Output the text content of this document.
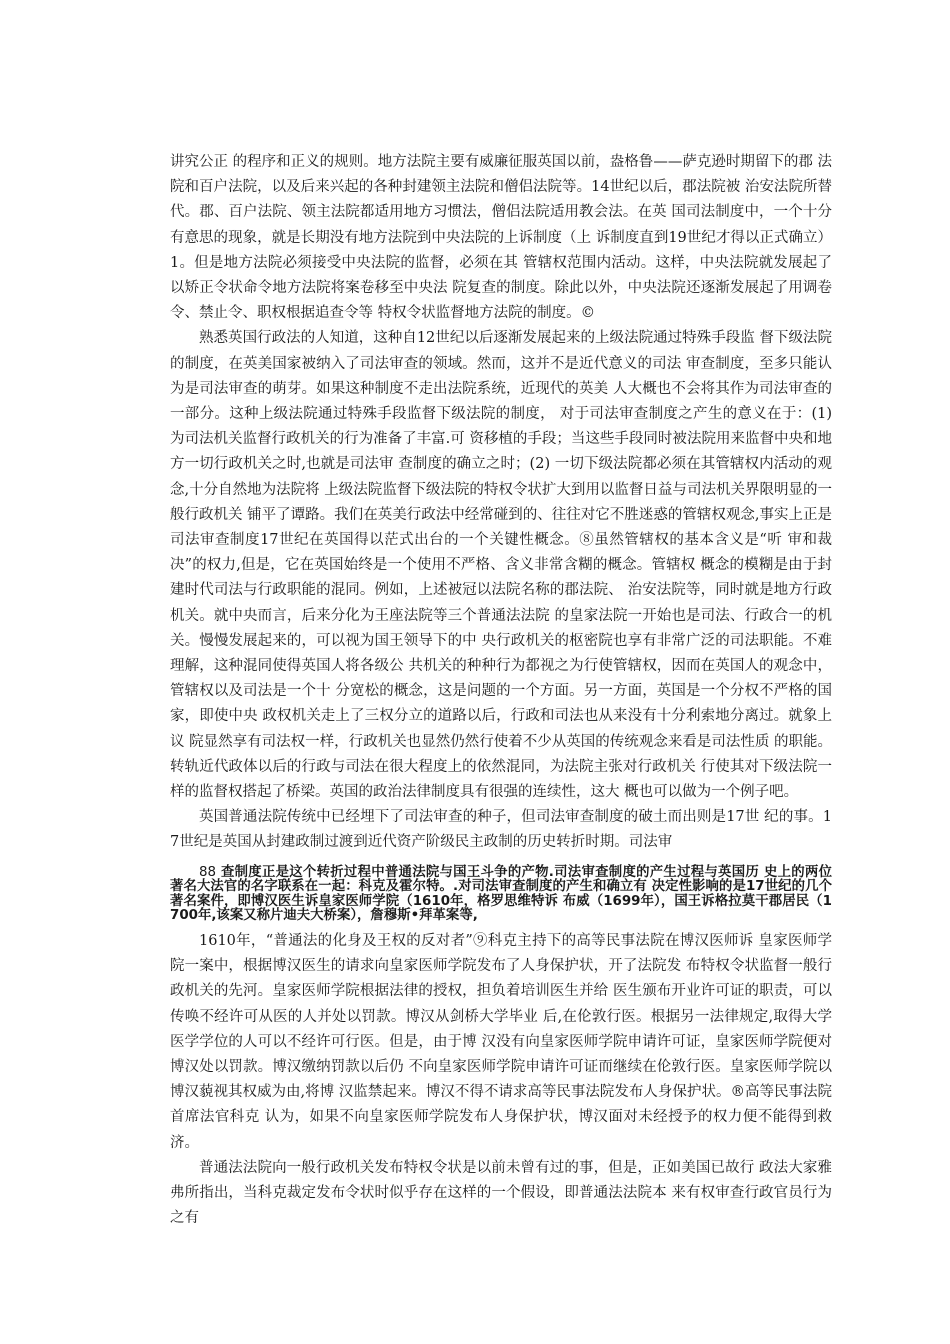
讲究公正 的程序和正义的规则。地方法院主要有威廉征服英国以前，盎格鲁——萨克逊时期留下的郡 法院和百户法院，以及后来兴起的各种封建领主法院和僧侣法院等。14世纪以后，郡法院被 治安法院所替代。郡、百户法院、领主法院都适用地方习惯法，僧侣法院适用教会法。在英 国司法制度中，一个十分有意思的现象，就是长期没有地方法院到中央法院的上诉制度（上 诉制度直到19世纪才得以正式确立）1。但是地方法院必须接受中央法院的监督，必须在其 管辖权范围内活动。这样，中央法院就发展起了以矫正令状命令地方法院将案卷移至中央法 院复查的制度。除此以外，中央法院还逐渐发展起了用调卷令、禁止令、职权根据追查令等 特权令状监督地方法院的制度。©

熟悉英国行政法的人知道，这种自12世纪以后逐渐发展起来的上级法院通过特殊手段监 督下级法院的制度，在英美国家被纳入了司法审查的领域。然而，这并不是近代意义的司法 审查制度，至多只能认为是司法审查的萌芽。如果这种制度不走出法院系统，近现代的英美 人大概也不会将其作为司法审查的一部分。这种上级法院通过特殊手段监督下级法院的制度， 对于司法审查制度之产生的意义在于：(1)为司法机关监督行政机关的行为准备了丰富.可 资移植的手段；当这些手段同时被法院用来监督中央和地方一切行政机关之时,也就是司法审 查制度的确立之时；(2) 一切下级法院都必须在其管辖权内活动的观念,十分自然地为法院将 上级法院监督下级法院的特权令状扩大到用以监督日益与司法机关界限明显的一般行政机关 铺平了谭路。我们在英美行政法中经常碰到的、往往对它不胜迷惑的管辖权观念,事实上正是 司法审查制度17世纪在英国得以茫式出台的一个关键性概念。⑧虽然管辖权的基本含义是“听 审和裁决”的权力,但是，它在英国始终是一个使用不严格、含义非常含糊的概念。管辖权 概念的模糊是由于封建时代司法与行政职能的混同。例如，上述被冠以法院名称的郡法院、 治安法院等，同时就是地方行政机关。就中央而言，后来分化为王座法院等三个普通法法院 的皇家法院一开始也是司法、行政合一的机关。慢慢发展起来的，可以视为国王领导下的中 央行政机关的枢密院也享有非常广泛的司法职能。不难理解，这种混同使得英国人将各级公 共机关的种种行为都视之为行使管辖权，因而在英国人的观念中，管辖权以及司法是一个十 分宽松的概念，这是问题的一个方面。另一方面，英国是一个分权不严格的国家，即使中央 政权机关走上了三权分立的道路以后，行政和司法也从来没有十分利索地分离过。就象上议 院显然享有司法权一样，行政机关也显然仍然行使着不少从英国的传统观念来看是司法性质 的职能。转轨近代政体以后的行政与司法在很大程度上的依然混同，为法院主张对行政机关 行使其对下级法院一样的监督权搭起了桥梁。英国的政治法律制度具有很强的连续性，这大 概也可以做为一个例子吧。

英国普通法院传统中已经埋下了司法审查的种子，但司法审查制度的破土而出则是17世 纪的事。17世纪是英国从封建政制过渡到近代资产阶级民主政制的历史转折时期。司法审

88 查制度正是这个转折过程中普通法院与国王斗争的产物.司法审查制度的产生过程与英国历 史上的两位著名大法官的名字联系在一起：科克及霍尔特。.对司法审查制度的产生和确立有 决定性影响的是17世纪的几个著名案件，即博汉医生诉皇家医师学院（1610年，格罗思维特诉 布威（1699年），国王诉格拉莫干郡居民（1700年,该案又称片迪夫大桥案），詹穆斯•拜革案等,

1610年，“普通法的化身及王权的反对者”⑨科克主持下的高等民事法院在博汉医师诉 皇家医师学院一案中，根据博汉医生的请求向皇家医师学院发布了人身保护状，开了法院发 布特权令状监督一般行政机关的先河。皇家医师学院根据法律的授权，担负着培训医生并给 医生颁布开业许可证的职责，可以传唤不经许可从医的人并处以罚款。博汉从剑桥大学毕业 后,在伦敦行医。根据另一法律规定,取得大学医学学位的人可以不经许可行医。但是，由于博 汉没有向皇家医师学院申请许可证，皇家医师学院便对博汉处以罚款。博汉缴纳罚款以后仍 不向皇家医师学院申请许可证而继续在伦敦行医。皇家医师学院以博汉藐视其权威为由,将博 汉监禁起来。博汉不得不请求高等民事法院发布人身保护状。®高等民事法院首席法官科克 认为，如果不向皇家医师学院发布人身保护状，博汉面对未经授予的权力便不能得到救济。

普通法法院向一般行政机关发布特权令状是以前未曾有过的事，但是，正如美国已故行 政法大家雅弗所指出，当科克裁定发布令状时似乎存在这样的一个假设，即普通法法院本 来有权审查行政官员行为之有
